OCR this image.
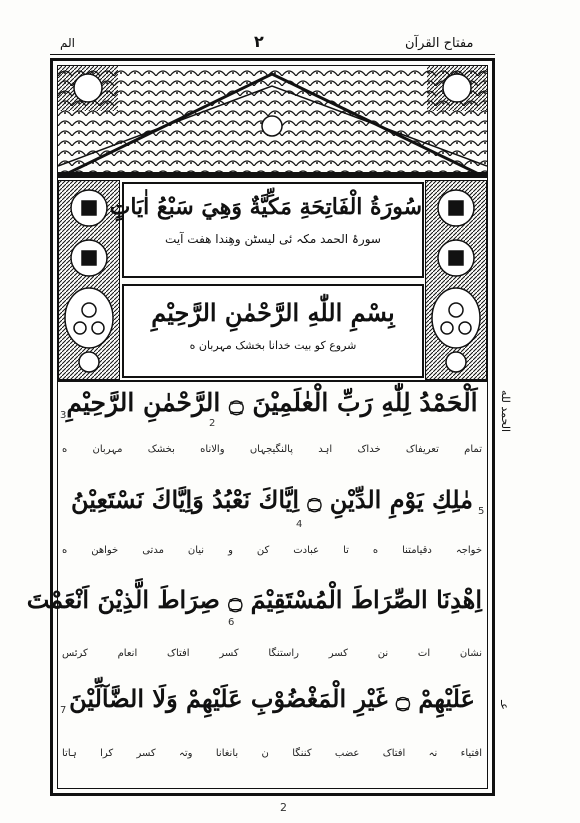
الم	۲	مفتاح القرآن
سُورَةُ الْفَاتِحَةِ مَكِّيَّةٌ وَهِيَ سَبْعُ اٰيَاتٍ
سورۂ الحمد مکہ ئی لیسٹن وھِندا ھفت آیت
بِسْمِ اللّٰهِ الرَّحْمٰنِ الرَّحِيْمِ
شروع کو بیت خدانا بخشک مہربان ه
اَلْحَمْدُ لِلّٰهِ رَبِّ الْعٰلَمِيْنَ ۝ الرَّحْمٰنِ الرَّحِيْمِ
3
2
تمام تعریفاک خداک اہد پالنگیجہاں والاناه بخشک مہربان ه
مٰلِكِ يَوْمِ الدِّيْنِ ۝ اِيَّاكَ نَعْبُدُ وَاِيَّاكَ نَسْتَعِيْنُ
4
5
خواجہ دقیامتنا ه تا عبادت کن و نیان مدتی خواهن ه
اِهْدِنَا الصِّرَاطَ الْمُسْتَقِيْمَ ۝ صِرَاطَ الَّذِيْنَ اَنْعَمْتَ
6
نشان ات نن کسر راستنگا کسر افتاک انعام کرئس
عَلَيْهِمْ ۝ غَيْرِ الْمَغْضُوْبِ عَلَيْهِمْ وَلَا الضَّآلِّيْنَ
7
افتیاء نہ افتاک عضب کننگا ن بانغانا وتہ کسر کرا ہاتا
عـ
الحمد لله
2
